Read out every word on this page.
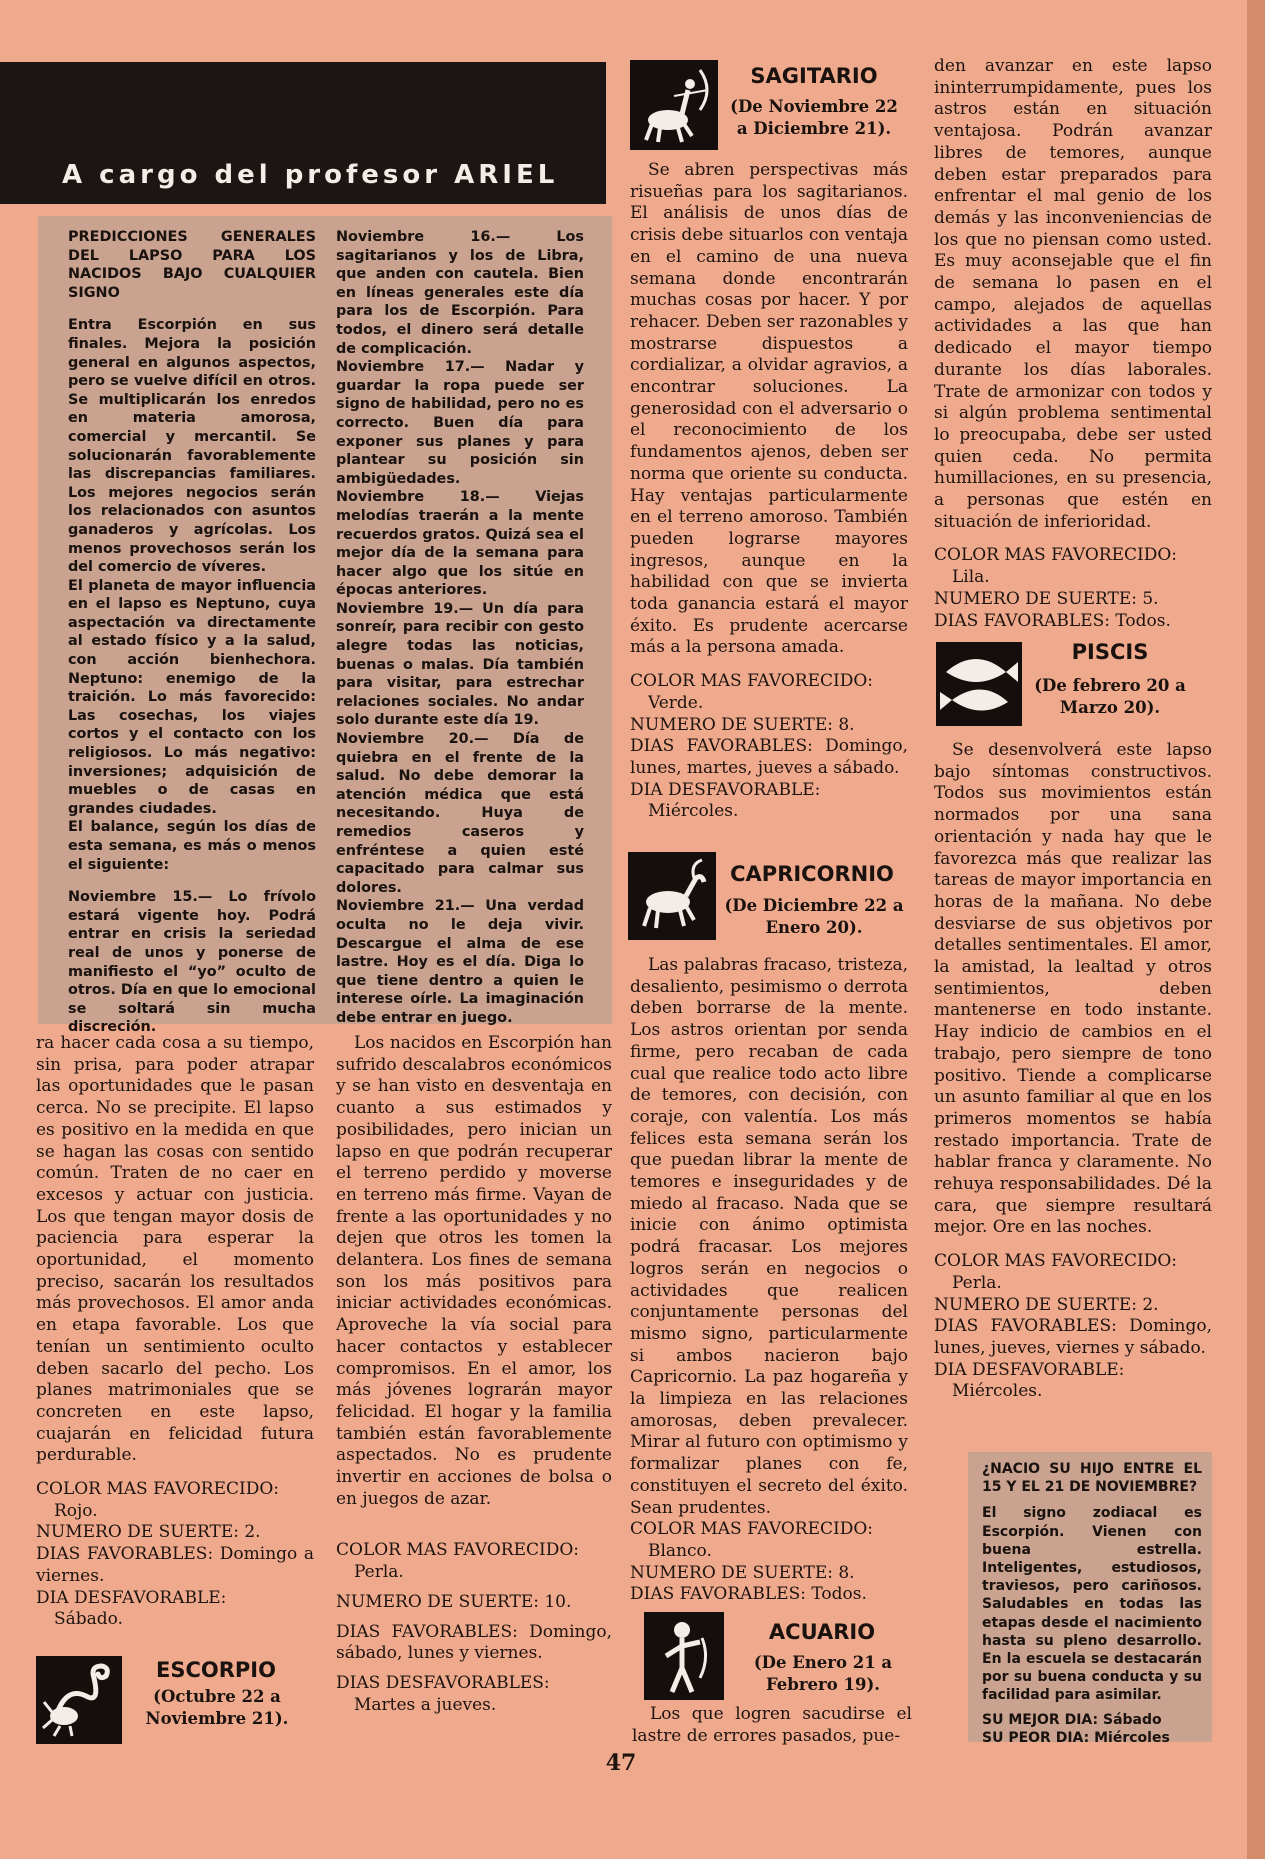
A cargo del profesor ARIEL

PREDICCIONES GENERALES DEL LAPSO PARA LOS NACIDOS BAJO CUALQUIER SIGNO

Entra Escorpión en sus finales. Mejora la posición general en algunos aspectos, pero se vuelve difícil en otros. Se multiplicarán los enredos en materia amorosa, comercial y mercantil. Se solucionarán favorablemente las discrepancias familiares. Los mejores negocios serán los relacionados con asuntos ganaderos y agrícolas. Los menos provechosos serán los del comercio de víveres.

El planeta de mayor influencia en el lapso es Neptuno, cuya aspectación va directamente al estado físico y a la salud, con acción bienhechora. Neptuno: enemigo de la traición. Lo más favorecido: Las cosechas, los viajes cortos y el contacto con los religiosos. Lo más negativo: inversiones; adquisición de muebles o de casas en grandes ciudades.

El balance, según los días de esta semana, es más o menos el siguiente:

Noviembre 15.— Lo frívolo estará vigente hoy. Podrá entrar en crisis la seriedad real de unos y ponerse de manifiesto el “yo” oculto de otros. Día en que lo emocional se soltará sin mucha discreción.

Noviembre 16.— Los sagitarianos y los de Libra, que anden con cautela. Bien en líneas generales este día para los de Escorpión. Para todos, el dinero será detalle de complicación.

Noviembre 17.— Nadar y guardar la ropa puede ser signo de habilidad, pero no es correcto. Buen día para exponer sus planes y para plantear su posición sin ambigüedades.

Noviembre 18.— Viejas melodías traerán a la mente recuerdos gratos. Quizá sea el mejor día de la semana para hacer algo que los sitúe en épocas anteriores.

Noviembre 19.— Un día para sonreír, para recibir con gesto alegre todas las noticias, buenas o malas. Día también para visitar, para estrechar relaciones sociales. No andar solo durante este día 19.

Noviembre 20.— Día de quiebra en el frente de la salud. No debe demorar la atención médica que está necesitando. Huya de remedios caseros y enfréntese a quien esté capacitado para calmar sus dolores.

Noviembre 21.— Una verdad oculta no le deja vivir. Descargue el alma de ese lastre. Hoy es el día. Diga lo que tiene dentro a quien le interese oírle. La imaginación debe entrar en juego.

ra hacer cada cosa a su tiempo, sin prisa, para poder atrapar las oportunidades que le pasan cerca. No se precipite. El lapso es positivo en la medida en que se hagan las cosas con sentido común. Traten de no caer en excesos y actuar con justicia. Los que tengan mayor dosis de paciencia para esperar la oportunidad, el momento preciso, sacarán los resultados más provechosos. El amor anda en etapa favorable. Los que tenían un sentimiento oculto deben sacarlo del pecho. Los planes matrimoniales que se concreten en este lapso, cuajarán en felicidad futura perdurable.

COLOR MAS FAVORECIDO:

Rojo.

NUMERO DE SUERTE: 2.

DIAS FAVORABLES: Domingo a viernes.

DIA DESFAVORABLE:

Sábado.

ESCORPIO
(Octubre 22 a Noviembre 21).

Los nacidos en Escorpión han sufrido descalabros económicos y se han visto en desventaja en cuanto a sus estimados y posibilidades, pero inician un lapso en que podrán recuperar el terreno perdido y moverse en terreno más firme. Vayan de frente a las oportunidades y no dejen que otros les tomen la delantera. Los fines de semana son los más positivos para iniciar actividades económicas. Aproveche la vía social para hacer contactos y establecer compromisos. En el amor, los más jóvenes lograrán mayor felicidad. El hogar y la familia también están favorablemente aspectados. No es prudente invertir en acciones de bolsa o en juegos de azar.

COLOR MAS FAVORECIDO:

Perla.

NUMERO DE SUERTE: 10.

DIAS FAVORABLES: Domingo, sábado, lunes y viernes.

DIAS DESFAVORABLES:

Martes a jueves.

SAGITARIO
(De Noviembre 22 a Diciembre 21).

Se abren perspectivas más risueñas para los sagitarianos. El análisis de unos días de crisis debe situarlos con ventaja en el camino de una nueva semana donde encontrarán muchas cosas por hacer. Y por rehacer. Deben ser razonables y mostrarse dispuestos a cordializar, a olvidar agravios, a encontrar soluciones. La generosidad con el adversario o el reconocimiento de los fundamentos ajenos, deben ser norma que oriente su conducta. Hay ventajas particularmente en el terreno amoroso. También pueden lograrse mayores ingresos, aunque en la habilidad con que se invierta toda ganancia estará el mayor éxito. Es prudente acercarse más a la persona amada.

COLOR MAS FAVORECIDO:

Verde.

NUMERO DE SUERTE: 8.

DIAS FAVORABLES: Domingo, lunes, martes, jueves a sábado.

DIA DESFAVORABLE:

Miércoles.

CAPRICORNIO
(De Diciembre 22 a Enero 20).

Las palabras fracaso, tristeza, desaliento, pesimismo o derrota deben borrarse de la mente. Los astros orientan por senda firme, pero recaban de cada cual que realice todo acto libre de temores, con decisión, con coraje, con valentía. Los más felices esta semana serán los que puedan librar la mente de temores e inseguridades y de miedo al fracaso. Nada que se inicie con ánimo optimista podrá fracasar. Los mejores logros serán en negocios o actividades que realicen conjuntamente personas del mismo signo, particularmente si ambos nacieron bajo Capricornio. La paz hogareña y la limpieza en las relaciones amorosas, deben prevalecer. Mirar al futuro con optimismo y formalizar planes con fe, constituyen el secreto del éxito. Sean prudentes.

COLOR MAS FAVORECIDO:

Blanco.

NUMERO DE SUERTE: 8.

DIAS FAVORABLES: Todos.

ACUARIO
(De Enero 21 a Febrero 19).

Los que logren sacudirse el lastre de errores pasados, pue-

den avanzar en este lapso ininterrumpidamente, pues los astros están en situación ventajosa. Podrán avanzar libres de temores, aunque deben estar preparados para enfrentar el mal genio de los demás y las inconveniencias de los que no piensan como usted. Es muy aconsejable que el fin de semana lo pasen en el campo, alejados de aquellas actividades a las que han dedicado el mayor tiempo durante los días laborales. Trate de armonizar con todos y si algún problema sentimental lo preocupaba, debe ser usted quien ceda. No permita humillaciones, en su presencia, a personas que estén en situación de inferioridad.

COLOR MAS FAVORECIDO:

Lila.

NUMERO DE SUERTE: 5.

DIAS FAVORABLES: Todos.

PISCIS
(De febrero 20 a Marzo 20).

Se desenvolverá este lapso bajo síntomas constructivos. Todos sus movimientos están normados por una sana orientación y nada hay que le favorezca más que realizar las tareas de mayor importancia en horas de la mañana. No debe desviarse de sus objetivos por detalles sentimentales. El amor, la amistad, la lealtad y otros sentimientos, deben mantenerse en todo instante. Hay indicio de cambios en el trabajo, pero siempre de tono positivo. Tiende a complicarse un asunto familiar al que en los primeros momentos se había restado importancia. Trate de hablar franca y claramente. No rehuya responsabilidades. Dé la cara, que siempre resultará mejor. Ore en las noches.

COLOR MAS FAVORECIDO:

Perla.

NUMERO DE SUERTE: 2.

DIAS FAVORABLES: Domingo, lunes, jueves, viernes y sábado.

DIA DESFAVORABLE:

Miércoles.

¿NACIO SU HIJO ENTRE EL 15 Y EL 21 DE NOVIEMBRE?

El signo zodiacal es Escorpión. Vienen con buena estrella. Inteligentes, estudiosos, traviesos, pero cariñosos. Saludables en todas las etapas desde el nacimiento hasta su pleno desarrollo. En la escuela se destacarán por su buena conducta y su facilidad para asimilar.

SU MEJOR DIA: Sábado

SU PEOR DIA: Miércoles

47
